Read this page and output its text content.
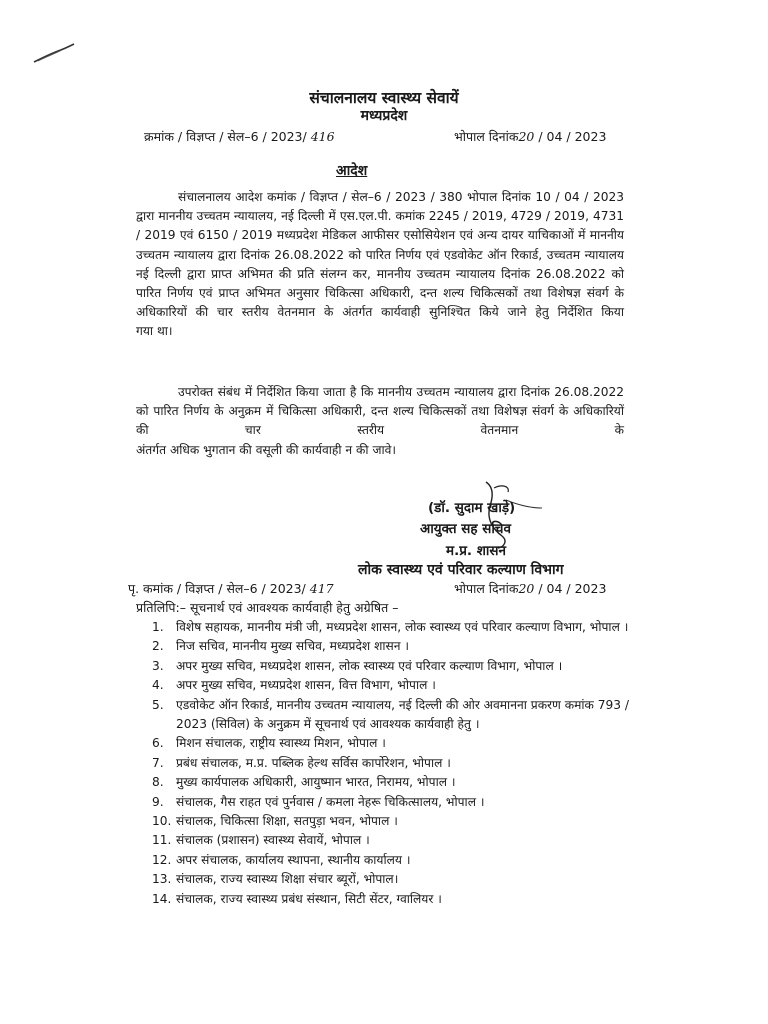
संचालनालय स्वास्थ्य सेवायें
मध्यप्रदेश
क्रमांक / विज्ञप्त / सेल–6 / 2023/ 416	भोपाल दिनांक20 / 04 / 2023
आदेश
संचालनालय आदेश कमांक / विज्ञप्त / सेल–6 / 2023 / 380 भोपाल दिनांक 10 / 04 / 2023 द्वारा माननीय उच्चतम न्यायालय, नई दिल्ली में एस.एल.पी. कमांक 2245 / 2019, 4729 / 2019, 4731 / 2019 एवं 6150 / 2019 मध्यप्रदेश मेडिकल आफीसर एसोसियेशन एवं अन्य दायर याचिकाओं में माननीय उच्चतम न्यायालय द्वारा दिनांक 26.08.2022 को पारित निर्णय एवं एडवोकेट ऑन रिकार्ड, उच्चतम न्यायालय नई दिल्ली द्वारा प्राप्त अभिमत की प्रति संलग्न कर, माननीय उच्चतम न्यायालय दिनांक 26.08.2022 को पारित निर्णय एवं प्राप्त अभिमत अनुसार चिकित्सा अधिकारी, दन्त शल्य चिकित्सकों तथा विशेषज्ञ संवर्ग के अधिकारियों की चार स्तरीय वेतनमान के अंतर्गत कार्यवाही सुनिश्चित किये जाने हेतु निर्देशित किया
गया था।
उपरोक्त संबंध में निर्देशित किया जाता है कि माननीय उच्चतम न्यायालय द्वारा दिनांक 26.08.2022 को पारित निर्णय के अनुक्रम में चिकित्सा अधिकारी, दन्त शल्य चिकित्सकों तथा विशेषज्ञ संवर्ग के अधिकारियों की चार स्तरीय वेतनमान के
अंतर्गत अधिक भुगतान की वसूली की कार्यवाही न की जावे।
(डॉ. सुदाम खाड़े)
आयुक्त सह सचिव
म.प्र. शासन
लोक स्वास्थ्य एवं परिवार कल्याण विभाग
पृ. कमांक / विज्ञप्त / सेल–6 / 2023/ 417	भोपाल दिनांक20 / 04 / 2023
प्रतिलिपि:– सूचनार्थ एवं आवश्यक कार्यवाही हेतु अग्रेषित –
1.	विशेष सहायक, माननीय मंत्री जी, मध्यप्रदेश शासन, लोक स्वास्थ्य एवं परिवार कल्याण विभाग, भोपाल ।
2.	निज सचिव, माननीय मुख्य सचिव, मध्यप्रदेश शासन ।
3.	अपर मुख्य सचिव, मध्यप्रदेश शासन, लोक स्वास्थ्य एवं परिवार कल्याण विभाग, भोपाल ।
4.	अपर मुख्य सचिव, मध्यप्रदेश शासन, वित्त विभाग, भोपाल ।
5.	एडवोकेट ऑन रिकार्ड, माननीय उच्चतम न्यायालय, नई दिल्ली की ओर अवमानना प्रकरण कमांक 793 / 2023 (सिविल) के अनुक्रम में सूचनार्थ एवं आवश्यक कार्यवाही हेतु ।
6.	मिशन संचालक, राष्ट्रीय स्वास्थ्य मिशन, भोपाल ।
7.	प्रबंध संचालक, म.प्र. पब्लिक हेल्थ सर्विस कार्पोरेशन, भोपाल ।
8.	मुख्य कार्यपालक अधिकारी, आयुष्मान भारत, निरामय, भोपाल ।
9.	संचालक, गैस राहत एवं पुर्नवास / कमला नेहरू चिकित्सालय, भोपाल ।
10. संचालक, चिकित्सा शिक्षा, सतपुड़ा भवन, भोपाल ।
11. संचालक (प्रशासन) स्वास्थ्य सेवायें, भोपाल ।
12. अपर संचालक, कार्यालय स्थापना, स्थानीय कार्यालय ।
13. संचालक, राज्य स्वास्थ्य शिक्षा संचार ब्यूरों, भोपाल।
14. संचालक, राज्य स्वास्थ्य प्रबंध संस्थान, सिटी सेंटर, ग्वालियर ।
